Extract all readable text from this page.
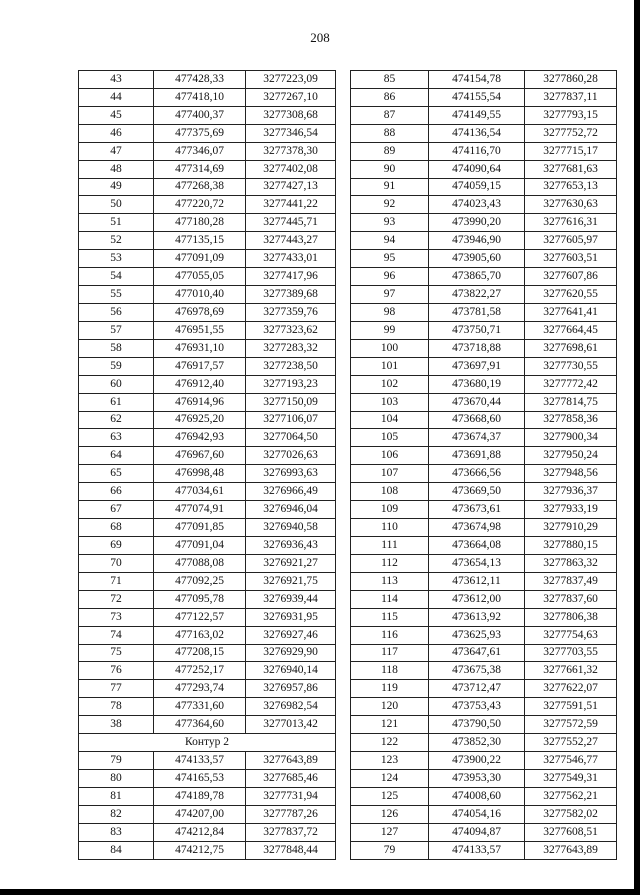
208
43	477428,33	3277223,09
44	477418,10	3277267,10
45	477400,37	3277308,68
46	477375,69	3277346,54
47	477346,07	3277378,30
48	477314,69	3277402,08
49	477268,38	3277427,13
50	477220,72	3277441,22
51	477180,28	3277445,71
52	477135,15	3277443,27
53	477091,09	3277433,01
54	477055,05	3277417,96
55	477010,40	3277389,68
56	476978,69	3277359,76
57	476951,55	3277323,62
58	476931,10	3277283,32
59	476917,57	3277238,50
60	476912,40	3277193,23
61	476914,96	3277150,09
62	476925,20	3277106,07
63	476942,93	3277064,50
64	476967,60	3277026,63
65	476998,48	3276993,63
66	477034,61	3276966,49
67	477074,91	3276946,04
68	477091,85	3276940,58
69	477091,04	3276936,43
70	477088,08	3276921,27
71	477092,25	3276921,75
72	477095,78	3276939,44
73	477122,57	3276931,95
74	477163,02	3276927,46
75	477208,15	3276929,90
76	477252,17	3276940,14
77	477293,74	3276957,86
78	477331,60	3276982,54
38	477364,60	3277013,42
Контур 2		
79	474133,57	3277643,89
80	474165,53	3277685,46
81	474189,78	3277731,94
82	474207,00	3277787,26
83	474212,84	3277837,72
84	474212,75	3277848,44
85	474154,78	3277860,28
86	474155,54	3277837,11
87	474149,55	3277793,15
88	474136,54	3277752,72
89	474116,70	3277715,17
90	474090,64	3277681,63
91	474059,15	3277653,13
92	474023,43	3277630,63
93	473990,20	3277616,31
94	473946,90	3277605,97
95	473905,60	3277603,51
96	473865,70	3277607,86
97	473822,27	3277620,55
98	473781,58	3277641,41
99	473750,71	3277664,45
100	473718,88	3277698,61
101	473697,91	3277730,55
102	473680,19	3277772,42
103	473670,44	3277814,75
104	473668,60	3277858,36
105	473674,37	3277900,34
106	473691,88	3277950,24
107	473666,56	3277948,56
108	473669,50	3277936,37
109	473673,61	3277933,19
110	473674,98	3277910,29
111	473664,08	3277880,15
112	473654,13	3277863,32
113	473612,11	3277837,49
114	473612,00	3277837,60
115	473613,92	3277806,38
116	473625,93	3277754,63
117	473647,61	3277703,55
118	473675,38	3277661,32
119	473712,47	3277622,07
120	473753,43	3277591,51
121	473790,50	3277572,59
122	473852,30	3277552,27
123	473900,22	3277546,77
124	473953,30	3277549,31
125	474008,60	3277562,21
126	474054,16	3277582,02
127	474094,87	3277608,51
79	474133,57	3277643,89
